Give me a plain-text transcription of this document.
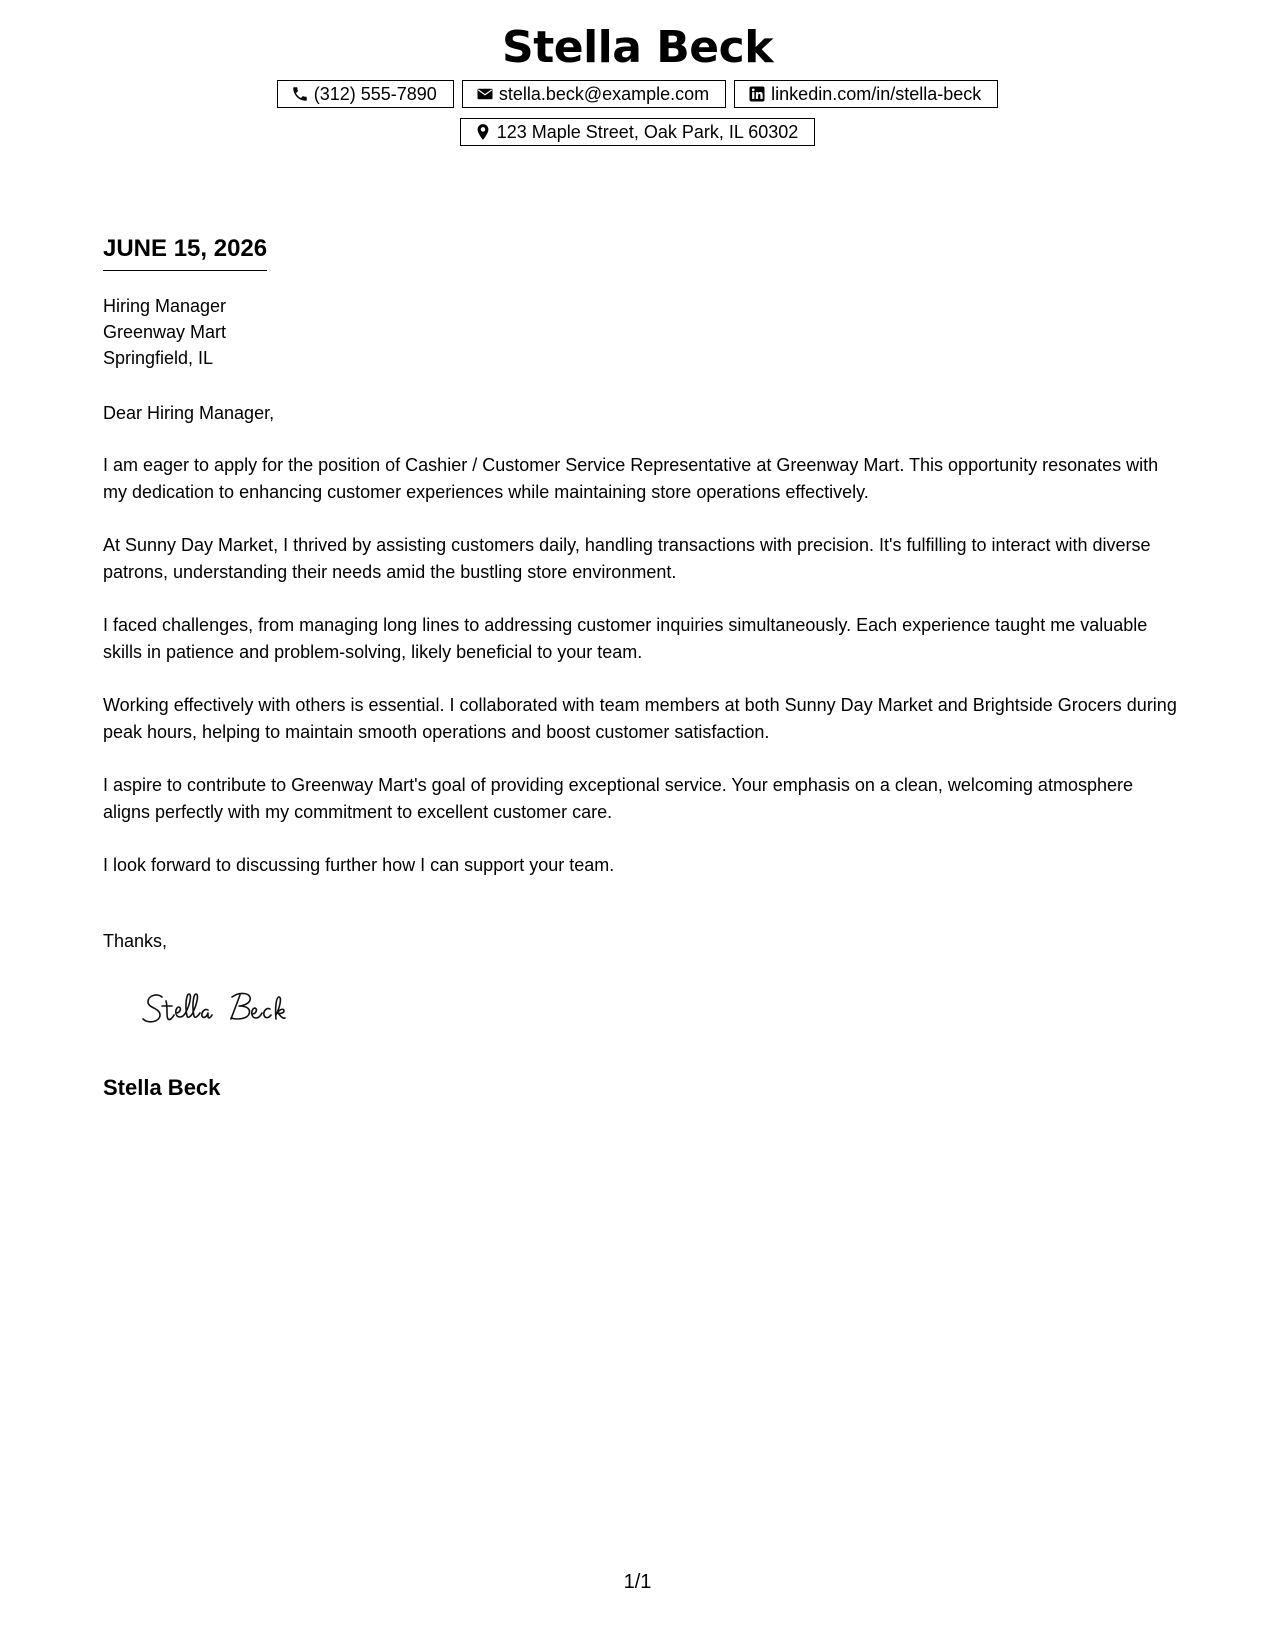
Stella Beck
(312) 555-7890	stella.beck@example.com	linkedin.com/in/stella-beck
123 Maple Street, Oak Park, IL 60302
JUNE 15, 2026
Hiring Manager
Greenway Mart
Springfield, IL

Dear Hiring Manager,

I am eager to apply for the position of Cashier / Customer Service Representative at Greenway Mart. This opportunity resonates with my dedication to enhancing customer experiences while maintaining store operations effectively.

At Sunny Day Market, I thrived by assisting customers daily, handling transactions with precision. It's fulfilling to interact with diverse patrons, understanding their needs amid the bustling store environment.

I faced challenges, from managing long lines to addressing customer inquiries simultaneously. Each experience taught me valuable skills in patience and problem-solving, likely beneficial to your team.

Working effectively with others is essential. I collaborated with team members at both Sunny Day Market and Brightside Grocers during peak hours, helping to maintain smooth operations and boost customer satisfaction.

I aspire to contribute to Greenway Mart's goal of providing exceptional service. Your emphasis on a clean, welcoming atmosphere aligns perfectly with my commitment to excellent customer care.

I look forward to discussing further how I can support your team.

Thanks,
Stella Beck
1/1
